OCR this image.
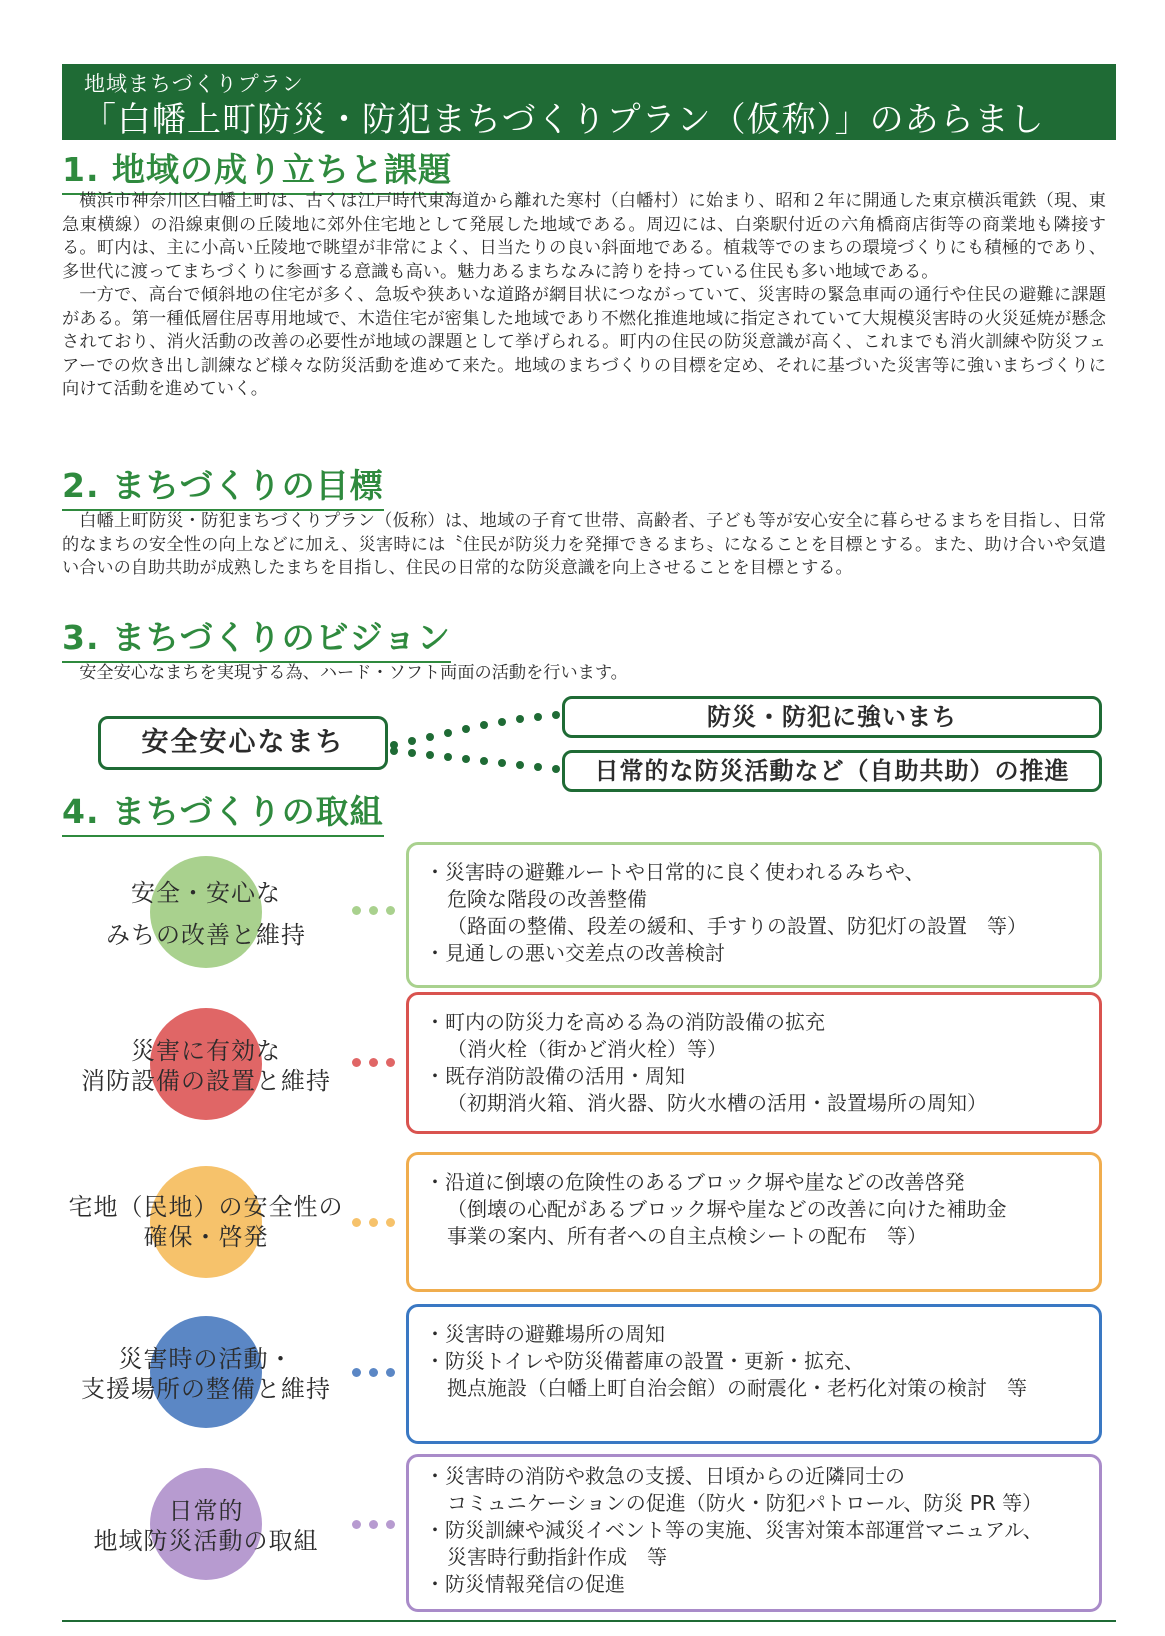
地域まちづくりプラン
「白幡上町防災・防犯まちづくりプラン（仮称）」のあらまし
1. 地域の成り立ちと課題

横浜市神奈川区白幡上町は、古くは江戸時代東海道から離れた寒村（白幡村）に始まり、昭和２年に開通した東京横浜電鉄（現、東急東横線）の沿線東側の丘陵地に郊外住宅地として発展した地域である。周辺には、白楽駅付近の六角橋商店街等の商業地も隣接する。町内は、主に小高い丘陵地で眺望が非常によく、日当たりの良い斜面地である。植栽等でのまちの環境づくりにも積極的であり、多世代に渡ってまちづくりに参画する意識も高い。魅力あるまちなみに誇りを持っている住民も多い地域である。

一方で、高台で傾斜地の住宅が多く、急坂や狭あいな道路が網目状につながっていて、災害時の緊急車両の通行や住民の避難に課題がある。第一種低層住居専用地域で、木造住宅が密集した地域であり不燃化推進地域に指定されていて大規模災害時の火災延焼が懸念されており、消火活動の改善の必要性が地域の課題として挙げられる。町内の住民の防災意識が高く、これまでも消火訓練や防災フェアーでの炊き出し訓練など様々な防災活動を進めて来た。地域のまちづくりの目標を定め、それに基づいた災害等に強いまちづくりに向けて活動を進めていく。

2. まちづくりの目標

白幡上町防災・防犯まちづくりプラン（仮称）は、地域の子育て世帯、高齢者、子ども等が安心安全に暮らせるまちを目指し、日常的なまちの安全性の向上などに加え、災害時には〝住民が防災力を発揮できるまち〟になることを目標とする。また、助け合いや気遣い合いの自助共助が成熟したまちを目指し、住民の日常的な防災意識を向上させることを目標とする。

3. まちづくりのビジョン

安全安心なまちを実現する為、ハード・ソフト両面の活動を行います。

安全安心なまち
防災・防犯に強いまち
日常的な防災活動など（自助共助）の推進
4. まちづくりの取組
安全・安心な
みちの改善と維持
・災害時の避難ルートや日常的に良く使われるみちや、
危険な階段の改善整備
（路面の整備、段差の緩和、手すりの設置、防犯灯の設置　等）
・見通しの悪い交差点の改善検討
災害に有効な
消防設備の設置と維持
・町内の防災力を高める為の消防設備の拡充
（消火栓（街かど消火栓）等）
・既存消防設備の活用・周知
（初期消火箱、消火器、防火水槽の活用・設置場所の周知）
宅地（民地）の安全性の
確保・啓発
・沿道に倒壊の危険性のあるブロック塀や崖などの改善啓発
（倒壊の心配があるブロック塀や崖などの改善に向けた補助金
事業の案内、所有者への自主点検シートの配布　等）
災害時の活動・
支援場所の整備と維持
・災害時の避難場所の周知
・防災トイレや防災備蓄庫の設置・更新・拡充、
拠点施設（白幡上町自治会館）の耐震化・老朽化対策の検討　等
日常的
地域防災活動の取組
・災害時の消防や救急の支援、日頃からの近隣同士の
コミュニケーションの促進（防火・防犯パトロール、防災 PR 等）
・防災訓練や減災イベント等の実施、災害対策本部運営マニュアル、
災害時行動指針作成　等
・防災情報発信の促進
